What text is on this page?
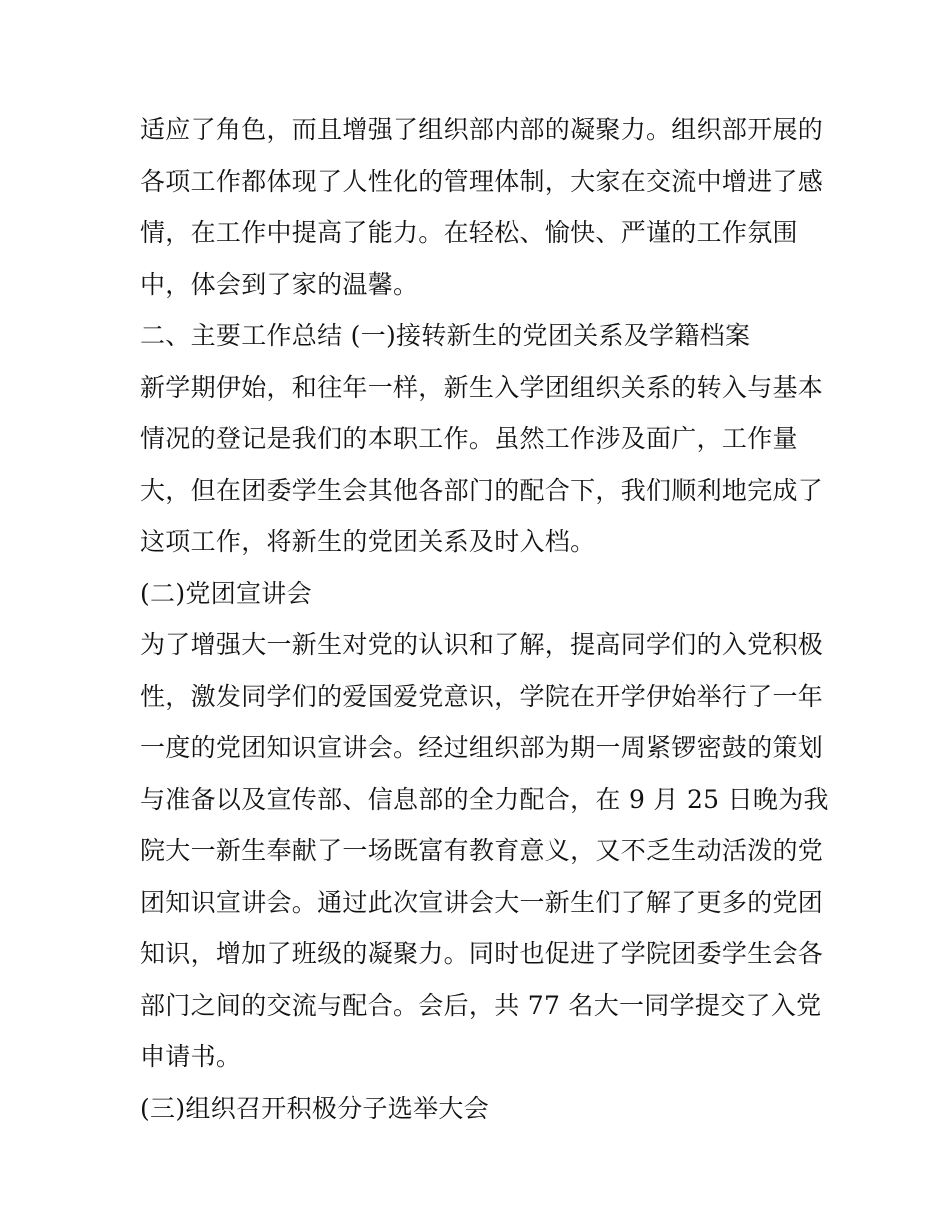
适应了角色，而且增强了组织部内部的凝聚力。组织部开展的
各项工作都体现了人性化的管理体制，大家在交流中增进了感
情，在工作中提高了能力。在轻松、愉快、严谨的工作氛围
中，体会到了家的温馨。
二、主要工作总结 (一)接转新生的党团关系及学籍档案
新学期伊始，和往年一样，新生入学团组织关系的转入与基本
情况的登记是我们的本职工作。虽然工作涉及面广，工作量
大，但在团委学生会其他各部门的配合下，我们顺利地完成了
这项工作，将新生的党团关系及时入档。
(二)党团宣讲会
为了增强大一新生对党的认识和了解，提高同学们的入党积极
性，激发同学们的爱国爱党意识，学院在开学伊始举行了一年
一度的党团知识宣讲会。经过组织部为期一周紧锣密鼓的策划
与准备以及宣传部、信息部的全力配合，在 9 月 25 日晚为我
院大一新生奉献了一场既富有教育意义，又不乏生动活泼的党
团知识宣讲会。通过此次宣讲会大一新生们了解了更多的党团
知识，增加了班级的凝聚力。同时也促进了学院团委学生会各
部门之间的交流与配合。会后，共 77 名大一同学提交了入党
申请书。
(三)组织召开积极分子选举大会
